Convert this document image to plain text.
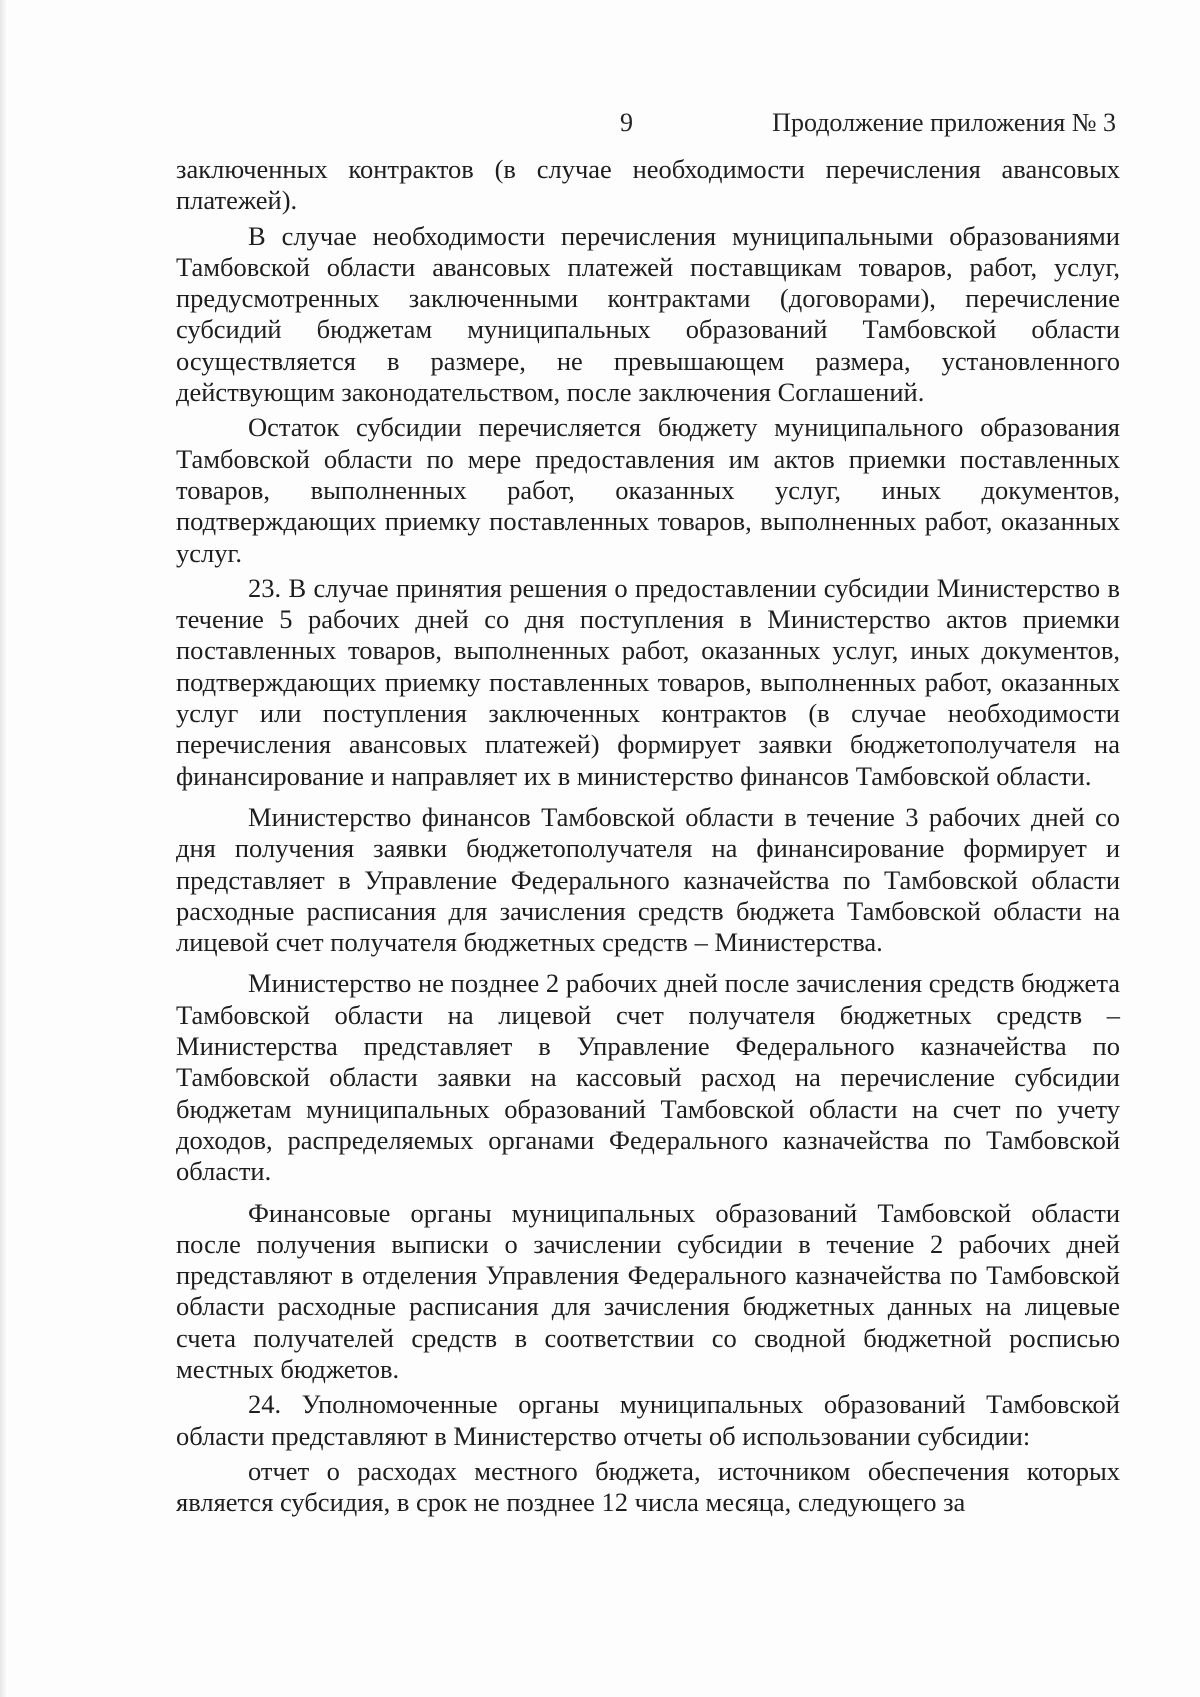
9	Продолжение приложения № 3

заключенных контрактов (в случае необходимости перечисления авансовых платежей).

В случае необходимости перечисления муниципальными образованиями Тамбовской области авансовых платежей поставщикам товаров, работ, услуг, предусмотренных заключенными контрактами (договорами), перечисление субсидий бюджетам муниципальных образований Тамбовской области осуществляется в размере, не превышающем размера, установленного действующим законодательством, после заключения Соглашений.

Остаток субсидии перечисляется бюджету муниципального образования Тамбовской области по мере предоставления им актов приемки поставленных товаров, выполненных работ, оказанных услуг, иных документов, подтверждающих приемку поставленных товаров, выполненных работ, оказанных услуг.

23. В случае принятия решения о предоставлении субсидии Министерство в течение 5 рабочих дней со дня поступления в Министерство актов приемки поставленных товаров, выполненных работ, оказанных услуг, иных документов, подтверждающих приемку поставленных товаров, выполненных работ, оказанных услуг или поступления заключенных контрактов (в случае необходимости перечисления авансовых платежей) формирует заявки бюджетополучателя на финансирование и направляет их в министерство финансов Тамбовской области.

Министерство финансов Тамбовской области в течение 3 рабочих дней со дня получения заявки бюджетополучателя на финансирование формирует и представляет в Управление Федерального казначейства по Тамбовской области расходные расписания для зачисления средств бюджета Тамбовской области на лицевой счет получателя бюджетных средств – Министерства.

Министерство не позднее 2 рабочих дней после зачисления средств бюджета Тамбовской области на лицевой счет получателя бюджетных средств – Министерства представляет в Управление Федерального казначейства по Тамбовской области заявки на кассовый расход на перечисление субсидии бюджетам муниципальных образований Тамбовской области на счет по учету доходов, распределяемых органами Федерального казначейства по Тамбовской области.

Финансовые органы муниципальных образований Тамбовской области после получения выписки о зачислении субсидии в течение 2 рабочих дней представляют в отделения Управления Федерального казначейства по Тамбовской области расходные расписания для зачисления бюджетных данных на лицевые счета получателей средств в соответствии со сводной бюджетной росписью местных бюджетов.

24. Уполномоченные органы муниципальных образований Тамбовской области представляют в Министерство отчеты об использовании субсидии:

отчет о расходах местного бюджета, источником обеспечения которых является субсидия, в срок не позднее 12 числа месяца, следующего за
